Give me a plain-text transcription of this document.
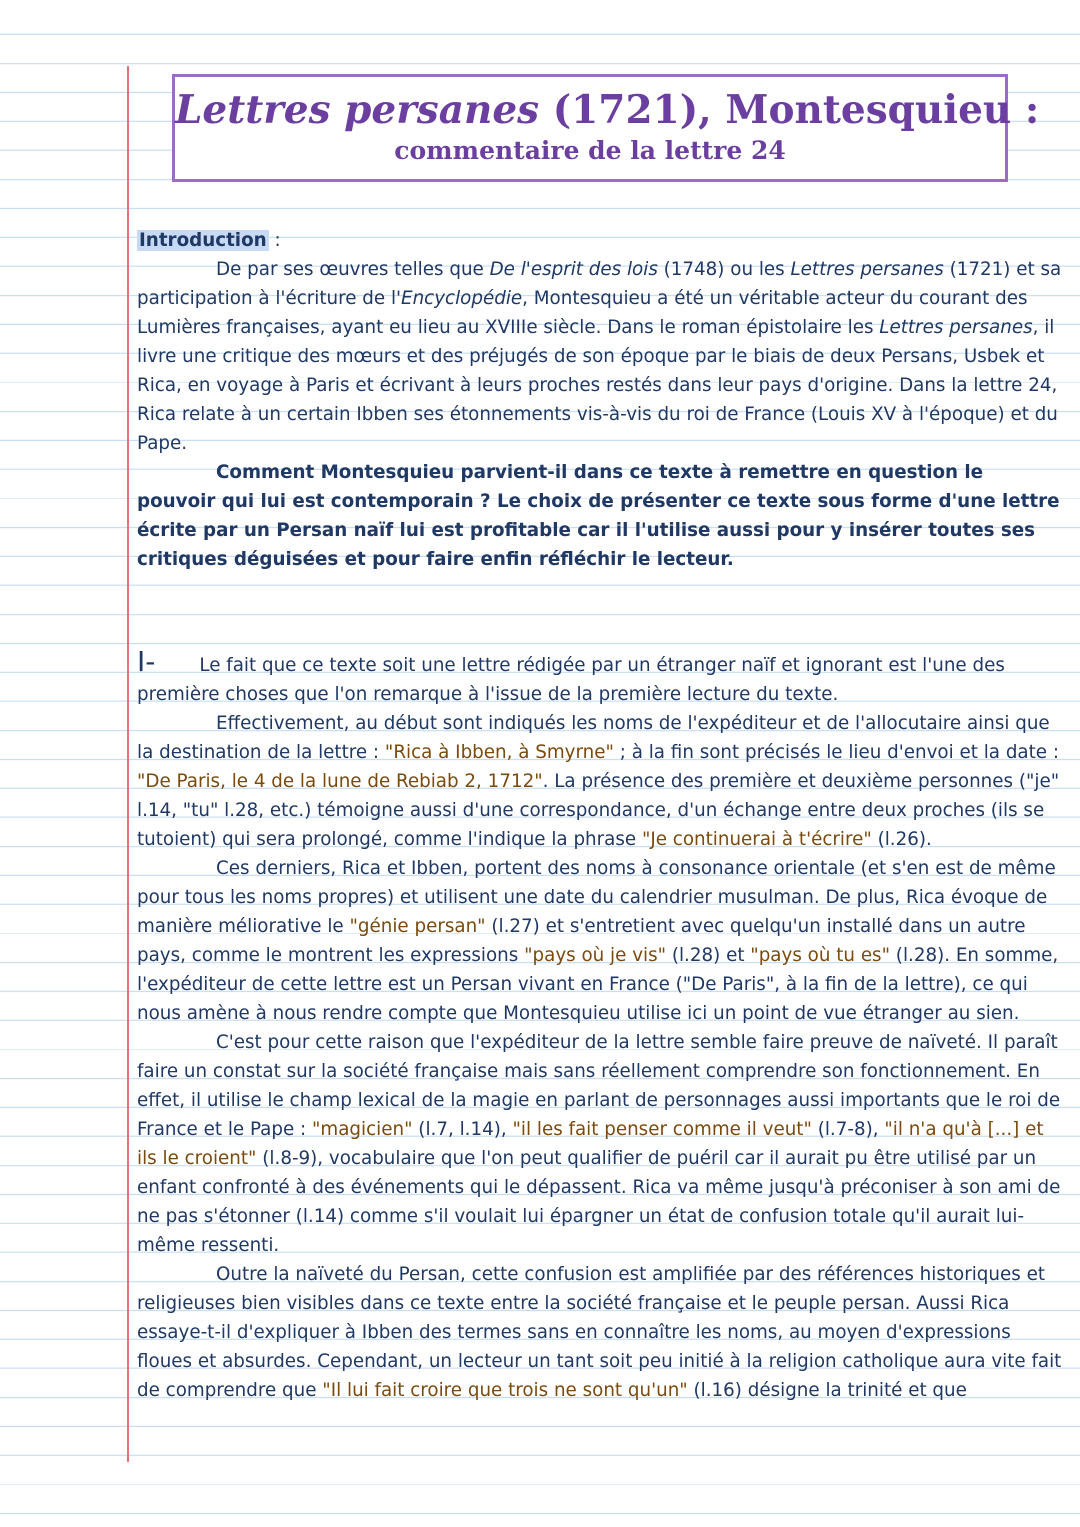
Lettres persanes (1721), Montesquieu :
commentaire de la lettre 24

Introduction :

De par ses œuvres telles que De l'esprit des lois (1748) ou les Lettres persanes (1721) et sa participation à l'écriture de l'Encyclopédie, Montesquieu a été un véritable acteur du courant des Lumières françaises, ayant eu lieu au XVIIIe siècle. Dans le roman épistolaire les Lettres persanes, il livre une critique des mœurs et des préjugés de son époque par le biais de deux Persans, Usbek et Rica, en voyage à Paris et écrivant à leurs proches restés dans leur pays d'origine. Dans la lettre 24, Rica relate à un certain Ibben ses étonnements vis-à-vis du roi de France (Louis XV à l'époque) et du Pape.

Comment Montesquieu parvient-il dans ce texte à remettre en question le pouvoir qui lui est contemporain ? Le choix de présenter ce texte sous forme d'une lettre écrite par un Persan naïf lui est profitable car il l'utilise aussi pour y insérer toutes ses critiques déguisées et pour faire enfin réfléchir le lecteur.

I- Le fait que ce texte soit une lettre rédigée par un étranger naïf et ignorant est l'une des première choses que l'on remarque à l'issue de la première lecture du texte.

Effectivement, au début sont indiqués les noms de l'expéditeur et de l'allocutaire ainsi que la destination de la lettre : "Rica à Ibben, à Smyrne" ; à la fin sont précisés le lieu d'envoi et la date : "De Paris, le 4 de la lune de Rebiab 2, 1712". La présence des première et deuxième personnes ("je" l.14, "tu" l.28, etc.) témoigne aussi d'une correspondance, d'un échange entre deux proches (ils se tutoient) qui sera prolongé, comme l'indique la phrase "Je continuerai à t'écrire" (l.26).

Ces derniers, Rica et Ibben, portent des noms à consonance orientale (et s'en est de même pour tous les noms propres) et utilisent une date du calendrier musulman. De plus, Rica évoque de manière méliorative le "génie persan" (l.27) et s'entretient avec quelqu'un installé dans un autre pays, comme le montrent les expressions "pays où je vis" (l.28) et "pays où tu es" (l.28). En somme, l'expéditeur de cette lettre est un Persan vivant en France ("De Paris", à la fin de la lettre), ce qui nous amène à nous rendre compte que Montesquieu utilise ici un point de vue étranger au sien.

C'est pour cette raison que l'expéditeur de la lettre semble faire preuve de naïveté. Il paraît faire un constat sur la société française mais sans réellement comprendre son fonctionnement. En effet, il utilise le champ lexical de la magie en parlant de personnages aussi importants que le roi de France et le Pape : "magicien" (l.7, l.14), "il les fait penser comme il veut" (l.7-8), "il n'a qu'à [...] et ils le croient" (l.8-9), vocabulaire que l'on peut qualifier de puéril car il aurait pu être utilisé par un enfant confronté à des événements qui le dépassent. Rica va même jusqu'à préconiser à son ami de ne pas s'étonner (l.14) comme s'il voulait lui épargner un état de confusion totale qu'il aurait lui-même ressenti.

Outre la naïveté du Persan, cette confusion est amplifiée par des références historiques et religieuses bien visibles dans ce texte entre la société française et le peuple persan. Aussi Rica essaye-t-il d'expliquer à Ibben des termes sans en connaître les noms, au moyen d'expressions floues et absurdes. Cependant, un lecteur un tant soit peu initié à la religion catholique aura vite fait de comprendre que "Il lui fait croire que trois ne sont qu'un" (l.16) désigne la trinité et que
